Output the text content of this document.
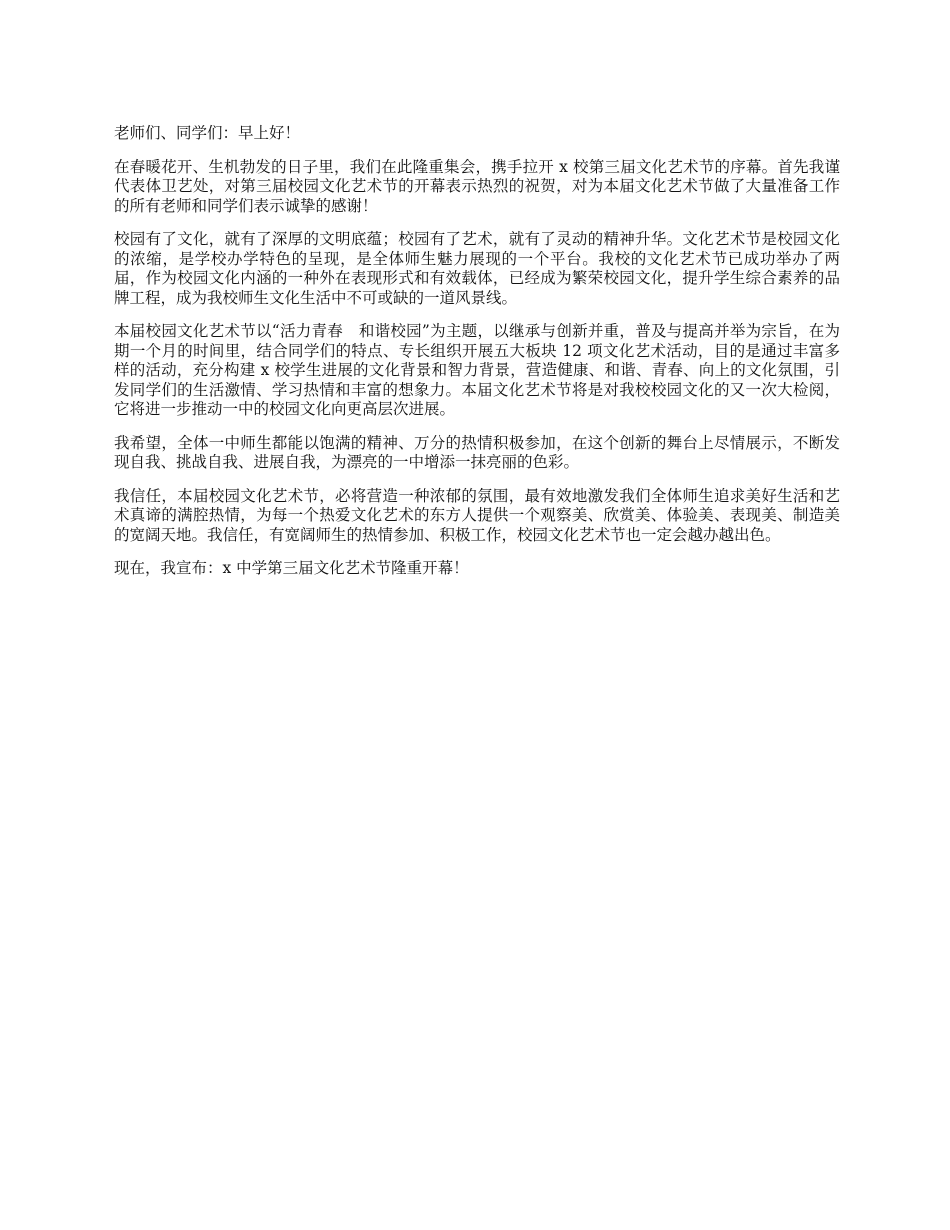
老师们、同学们：早上好！

在春暖花开、生机勃发的日子里，我们在此隆重集会，携手拉开 x 校第三届文化艺术节的序幕。首先我谨代表体卫艺处，对第三届校园文化艺术节的开幕表示热烈的祝贺，对为本届文化艺术节做了大量准备工作的所有老师和同学们表示诚挚的感谢！

校园有了文化，就有了深厚的文明底蕴；校园有了艺术，就有了灵动的精神升华。文化艺术节是校园文化的浓缩，是学校办学特色的呈现，是全体师生魅力展现的一个平台。我校的文化艺术节已成功举办了两届，作为校园文化内涵的一种外在表现形式和有效载体，已经成为繁荣校园文化，提升学生综合素养的品牌工程，成为我校师生文化生活中不可或缺的一道风景线。

本届校园文化艺术节以“活力青春　和谐校园”为主题，以继承与创新并重，普及与提高并举为宗旨，在为期一个月的时间里，结合同学们的特点、专长组织开展五大板块 12 项文化艺术活动，目的是通过丰富多样的活动，充分构建 x 校学生进展的文化背景和智力背景，营造健康、和谐、青春、向上的文化氛围，引发同学们的生活激情、学习热情和丰富的想象力。本届文化艺术节将是对我校校园文化的又一次大检阅，它将进一步推动一中的校园文化向更高层次进展。

我希望，全体一中师生都能以饱满的精神、万分的热情积极参加，在这个创新的舞台上尽情展示，不断发现自我、挑战自我、进展自我，为漂亮的一中增添一抹亮丽的色彩。

我信任，本届校园文化艺术节，必将营造一种浓郁的氛围，最有效地激发我们全体师生追求美好生活和艺术真谛的满腔热情，为每一个热爱文化艺术的东方人提供一个观察美、欣赏美、体验美、表现美、制造美的宽阔天地。我信任，有宽阔师生的热情参加、积极工作，校园文化艺术节也一定会越办越出色。

现在，我宣布：x 中学第三届文化艺术节隆重开幕！
